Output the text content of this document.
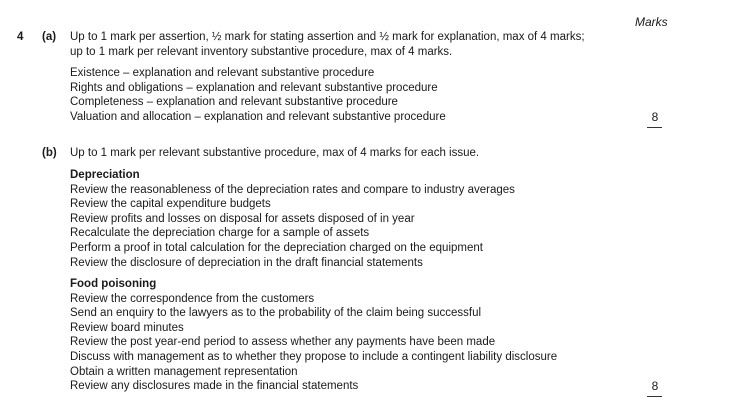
Marks
4 (a) Up to 1 mark per assertion, ½ mark for stating assertion and ½ mark for explanation, max of 4 marks;
up to 1 mark per relevant inventory substantive procedure, max of 4 marks.
Existence – explanation and relevant substantive procedure
Rights and obligations – explanation and relevant substantive procedure
Completeness – explanation and relevant substantive procedure
Valuation and allocation – explanation and relevant substantive procedure	8
(b) Up to 1 mark per relevant substantive procedure, max of 4 marks for each issue.
Depreciation
Review the reasonableness of the depreciation rates and compare to industry averages
Review the capital expenditure budgets
Review profits and losses on disposal for assets disposed of in year
Recalculate the depreciation charge for a sample of assets
Perform a proof in total calculation for the depreciation charged on the equipment
Review the disclosure of depreciation in the draft financial statements
Food poisoning
Review the correspondence from the customers
Send an enquiry to the lawyers as to the probability of the claim being successful
Review board minutes
Review the post year-end period to assess whether any payments have been made
Discuss with management as to whether they propose to include a contingent liability disclosure
Obtain a written management representation
Review any disclosures made in the financial statements	8
